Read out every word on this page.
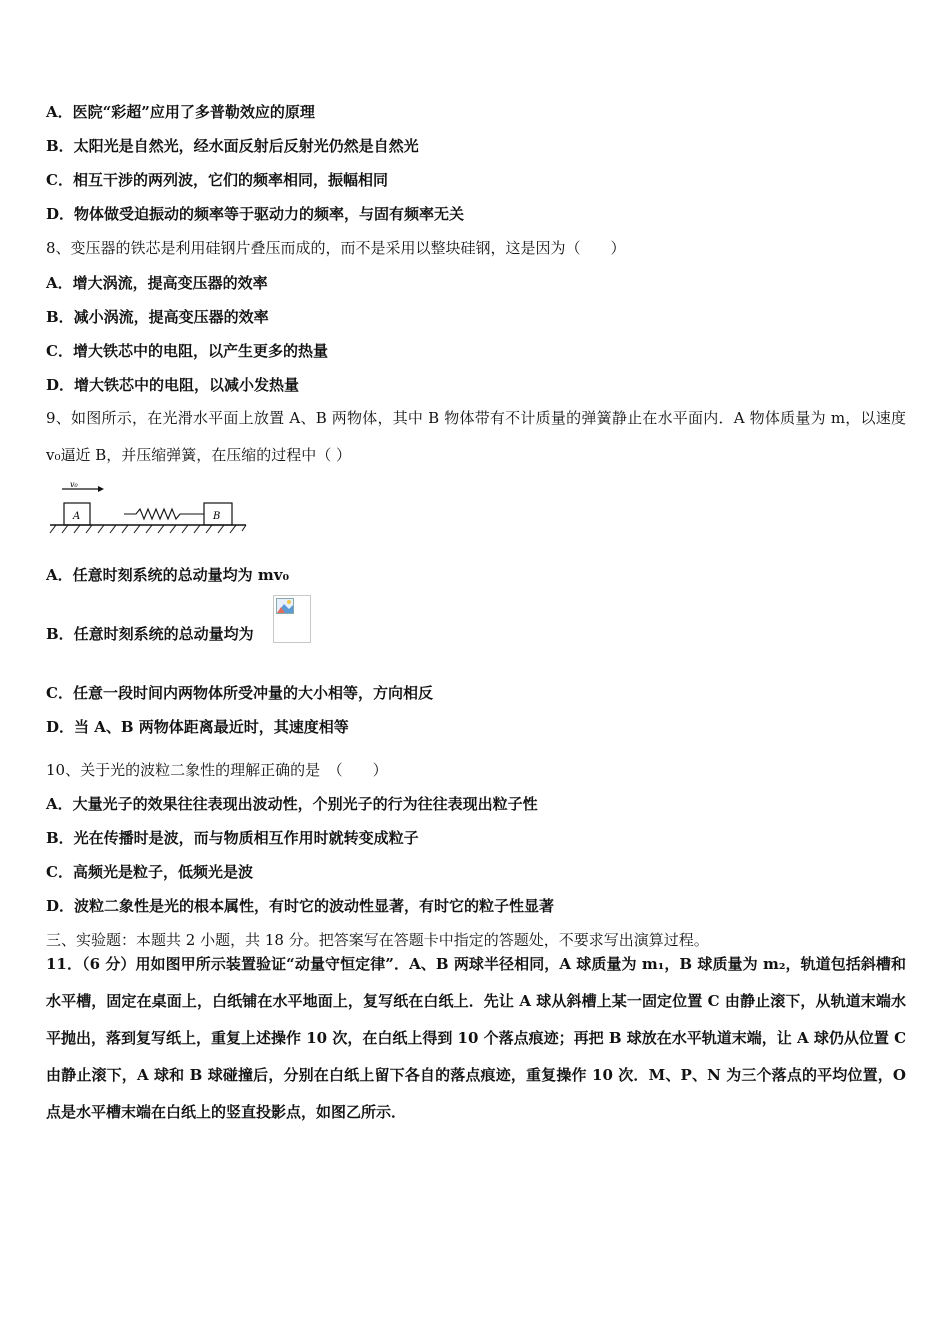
A．医院“彩超”应用了多普勒效应的原理
B．太阳光是自然光，经水面反射后反射光仍然是自然光
C．相互干涉的两列波，它们的频率相同，振幅相同
D．物体做受迫振动的频率等于驱动力的频率，与固有频率无关
8、变压器的铁芯是利用硅钢片叠压而成的，而不是采用以整块硅钢，这是因为（　　）
A．增大涡流，提高变压器的效率
B．减小涡流，提高变压器的效率
C．增大铁芯中的电阻，以产生更多的热量
D．增大铁芯中的电阻，以减小发热量
9、如图所示，在光滑水平面上放置 A、B 两物体，其中 B 物体带有不计质量的弹簧静止在水平面内．A 物体质量为 m，以速度 v₀逼近 B，并压缩弹簧，在压缩的过程中（ ）
v₀
A	B
A．任意时刻系统的总动量均为 mv₀
B．任意时刻系统的总动量均为
C．任意一段时间内两物体所受冲量的大小相等，方向相反
D．当 A、B 两物体距离最近时，其速度相等
10、关于光的波粒二象性的理解正确的是　（　　）
A．大量光子的效果往往表现出波动性，个别光子的行为往往表现出粒子性
B．光在传播时是波，而与物质相互作用时就转变成粒子
C．高频光是粒子，低频光是波
D．波粒二象性是光的根本属性，有时它的波动性显著，有时它的粒子性显著
三、实验题：本题共 2 小题，共 18 分。把答案写在答题卡中指定的答题处，不要求写出演算过程。
11．（6 分）用如图甲所示装置验证“动量守恒定律”．A、B 两球半径相同，A 球质量为 m₁，B 球质量为 m₂，轨道包括斜槽和水平槽，固定在桌面上，白纸铺在水平地面上，复写纸在白纸上．先让 A 球从斜槽上某一固定位置 C 由静止滚下，从轨道末端水平抛出，落到复写纸上，重复上述操作 10 次，在白纸上得到 10 个落点痕迹；再把 B 球放在水平轨道末端，让 A 球仍从位置 C 由静止滚下，A 球和 B 球碰撞后，分别在白纸上留下各自的落点痕迹，重复操作 10 次．M、P、N 为三个落点的平均位置，O 点是水平槽末端在白纸上的竖直投影点，如图乙所示．
